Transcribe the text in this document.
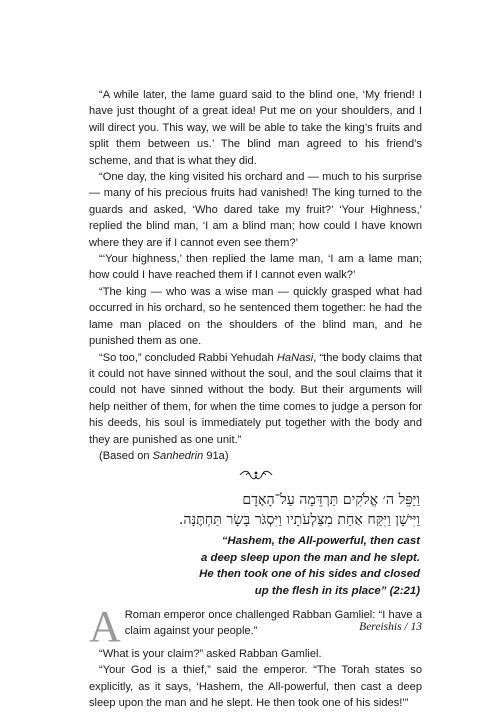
“A while later, the lame guard said to the blind one, ‘My friend! I have just thought of a great idea! Put me on your shoulders, and I will direct you. This way, we will be able to take the king’s fruits and split them between us.’ The blind man agreed to his friend’s scheme, and that is what they did.

“One day, the king visited his orchard and — much to his surprise — many of his precious fruits had vanished! The king turned to the guards and asked, ‘Who dared take my fruit?’ ‘Your Highness,’ replied the blind man, ‘I am a blind man; how could I have known where they are if I cannot even see them?’

“‘Your highness,’ then replied the lame man, ‘I am a lame man; how could I have reached them if I cannot even walk?’

“The king — who was a wise man — quickly grasped what had occurred in his orchard, so he sentenced them together: he had the lame man placed on the shoulders of the blind man, and he punished them as one.

“So too,” concluded Rabbi Yehudah HaNasi, “the body claims that it could not have sinned without the soul, and the soul claims that it could not have sinned without the body. But their arguments will help neither of them, for when the time comes to judge a person for his deeds, his soul is immediately put together with the body and they are punished as one unit.”

(Based on Sanhedrin 91a)

וַיַּפֵּל ה׳ אֱלֹקִים תַּרְדֵּמָה עַל־הָאָדָם

וַיִּישָׁן וַיִּקַּח אַחַת מִצַּלְעֹתָיו וַיִּסְגֹּר בָּשָׂר תַּחְתֶּנָּה.

“Hashem, the All-powerful, then cast
a deep sleep upon the man and he slept.
He then took one of his sides and closed
up the flesh in its place” (2:21)
A Roman emperor once challenged Rabban Gamliel: “I have a claim against your people.”

“What is your claim?” asked Rabban Gamliel.

“Your God is a thief,” said the emperor. “The Torah states so explicitly, as it says, ‘Hashem, the All-powerful, then cast a deep sleep upon the man and he slept. He then took one of his sides!’”

Bereishis / 13
